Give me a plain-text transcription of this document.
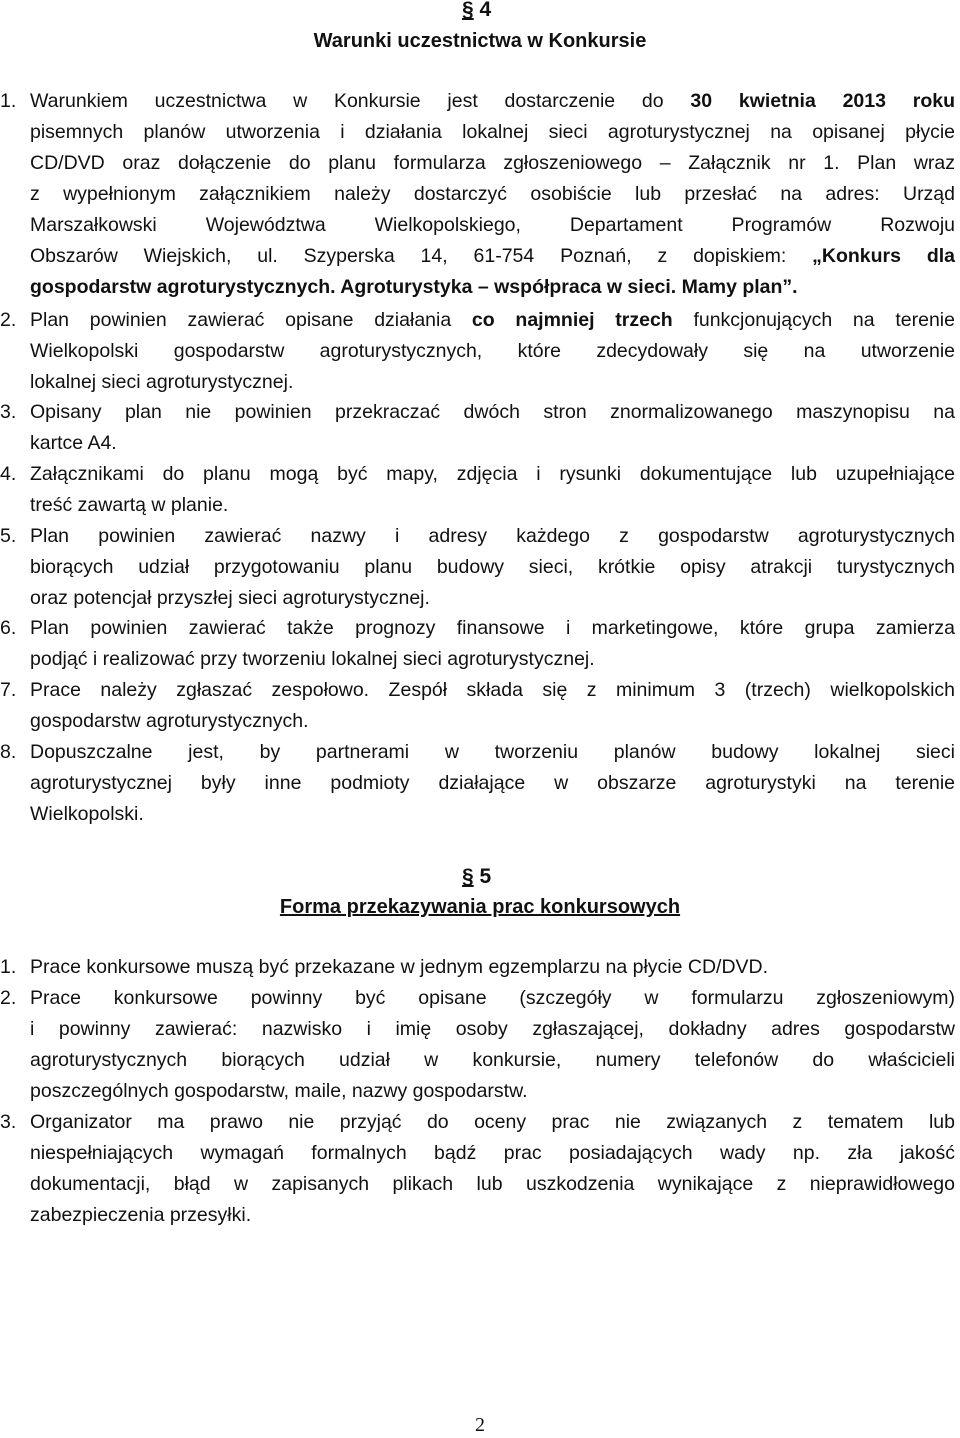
§ 4
Warunki uczestnictwa w Konkursie
1. Warunkiem uczestnictwa w Konkursie jest dostarczenie do 30 kwietnia 2013 roku
pisemnych planów utworzenia i działania lokalnej sieci agroturystycznej na opisanej płycie
CD/DVD oraz dołączenie do planu formularza zgłoszeniowego – Załącznik nr 1. Plan wraz
z wypełnionym załącznikiem należy dostarczyć osobiście lub przesłać na adres: Urząd
Marszałkowski Województwa Wielkopolskiego, Departament Programów Rozwoju
Obszarów Wiejskich, ul. Szyperska 14, 61-754 Poznań, z dopiskiem: „Konkurs dla
gospodarstw agroturystycznych. Agroturystyka – współpraca w sieci. Mamy plan”.
2. Plan powinien zawierać opisane działania co najmniej trzech funkcjonujących na terenie
Wielkopolski gospodarstw agroturystycznych, które zdecydowały się na utworzenie
lokalnej sieci agroturystycznej.
3. Opisany plan nie powinien przekraczać dwóch stron znormalizowanego maszynopisu na
kartce A4.
4. Załącznikami do planu mogą być mapy, zdjęcia i rysunki dokumentujące lub uzupełniające
treść zawartą w planie.
5. Plan powinien zawierać nazwy i adresy każdego z gospodarstw agroturystycznych
biorących udział przygotowaniu planu budowy sieci, krótkie opisy atrakcji turystycznych
oraz potencjał przyszłej sieci agroturystycznej.
6. Plan powinien zawierać także prognozy finansowe i marketingowe, które grupa zamierza
podjąć i realizować przy tworzeniu lokalnej sieci agroturystycznej.
7. Prace należy zgłaszać zespołowo. Zespół składa się z minimum 3 (trzech) wielkopolskich
gospodarstw agroturystycznych.
8. Dopuszczalne jest, by partnerami w tworzeniu planów budowy lokalnej sieci
agroturystycznej były inne podmioty działające w obszarze agroturystyki na terenie
Wielkopolski.
§ 5
Forma przekazywania prac konkursowych
1. Prace konkursowe muszą być przekazane w jednym egzemplarzu na płycie CD/DVD.
2. Prace konkursowe powinny być opisane (szczegóły w formularzu zgłoszeniowym)
i powinny zawierać: nazwisko i imię osoby zgłaszającej, dokładny adres gospodarstw
agroturystycznych biorących udział w konkursie, numery telefonów do właścicieli
poszczególnych gospodarstw, maile, nazwy gospodarstw.
3. Organizator ma prawo nie przyjąć do oceny prac nie związanych z tematem lub
niespełniających wymagań formalnych bądź prac posiadających wady np. zła jakość
dokumentacji, błąd w zapisanych plikach lub uszkodzenia wynikające z nieprawidłowego
zabezpieczenia przesyłki.
2
